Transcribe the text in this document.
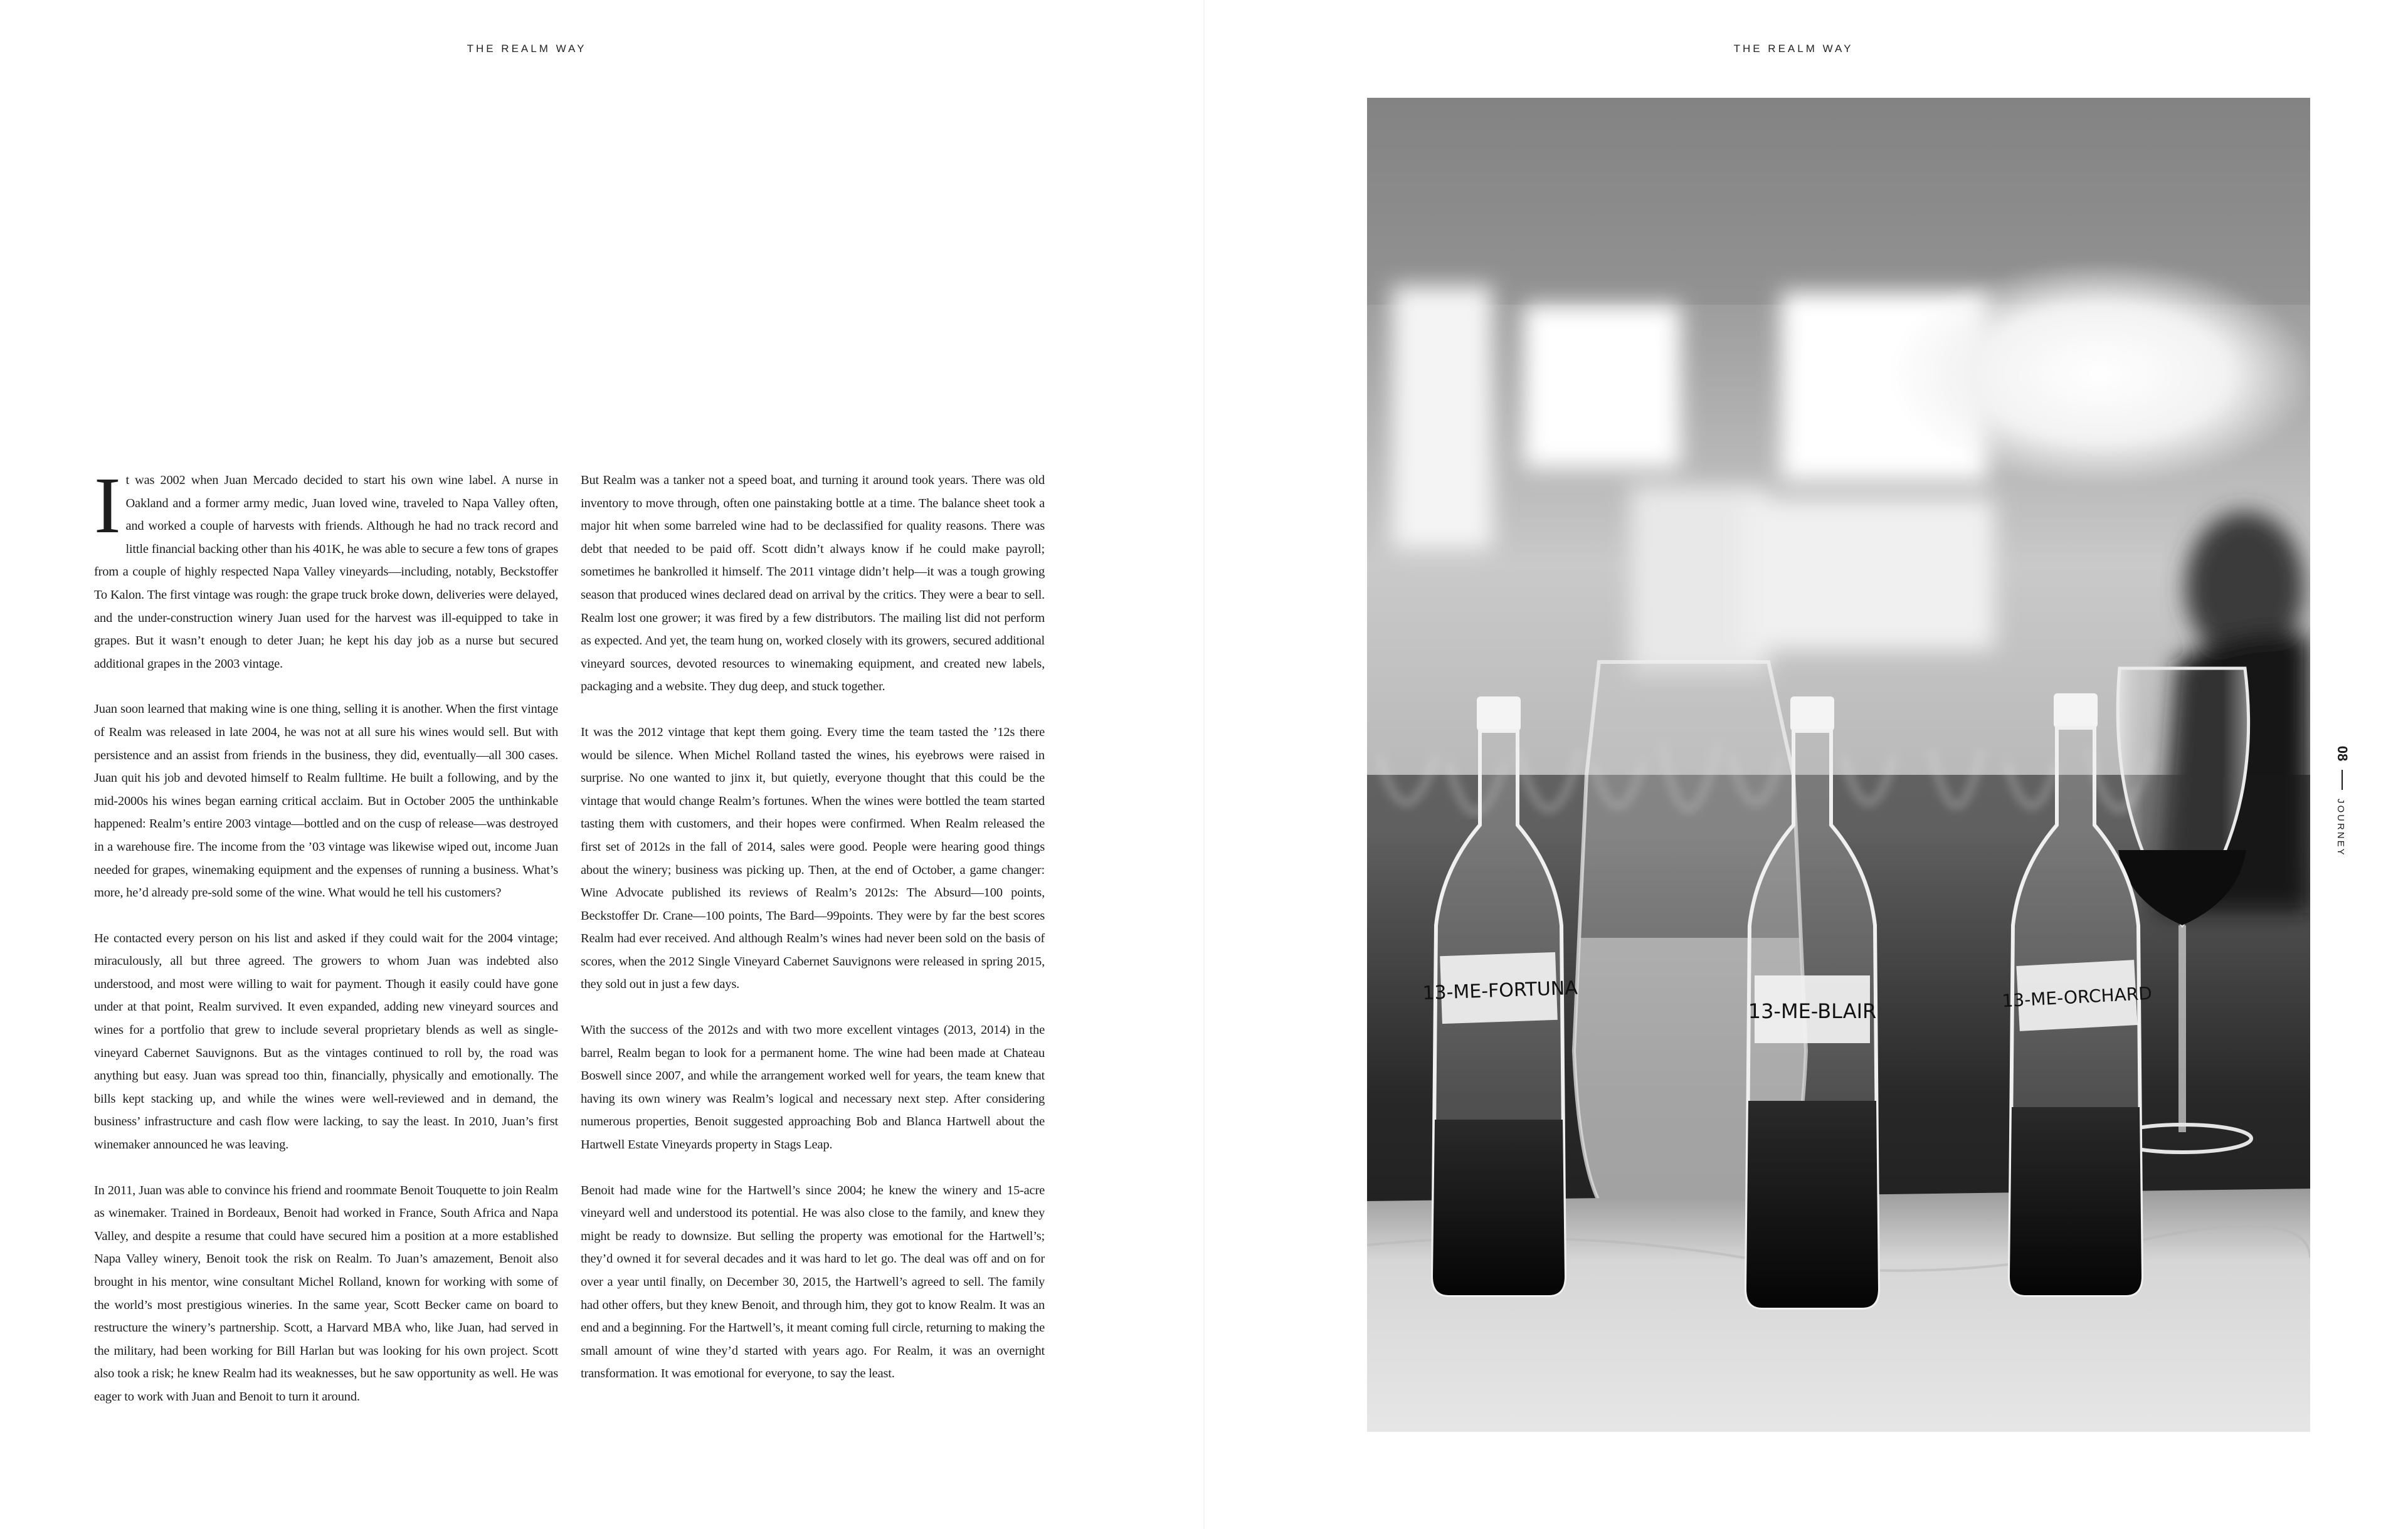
THE REALM WAY	THE REALM WAY

I t was 2002 when Juan Mercado decided to start his own wine label. A nurse in Oakland and a former army medic, Juan loved wine, traveled to Napa Valley often, and worked a couple of harvests with friends. Although he had no track record and little financial backing other than his 401K, he was able to secure a few tons of grapes from a couple of highly respected Napa Valley vineyards—including, notably, Beckstoffer To Kalon. The first vintage was rough: the grape truck broke down, deliveries were delayed, and the under-construction winery Juan used for the harvest was ill-equipped to take in grapes. But it wasn’t enough to deter Juan; he kept his day job as a nurse but secured additional grapes in the 2003 vintage.

Juan soon learned that making wine is one thing, selling it is another. When the first vintage of Realm was released in late 2004, he was not at all sure his wines would sell. But with persistence and an assist from friends in the business, they did, eventually—all 300 cases. Juan quit his job and devoted himself to Realm fulltime. He built a following, and by the mid-2000s his wines began earning critical acclaim. But in October 2005 the unthinkable happened: Realm’s entire 2003 vintage—bottled and on the cusp of release—was destroyed in a warehouse fire. The income from the ’03 vintage was likewise wiped out, income Juan needed for grapes, winemaking equipment and the expenses of running a business. What’s more, he’d already pre-sold some of the wine. What would he tell his customers?

He contacted every person on his list and asked if they could wait for the 2004 vintage; miraculously, all but three agreed. The growers to whom Juan was indebted also understood, and most were willing to wait for payment. Though it easily could have gone under at that point, Realm survived. It even expanded, adding new vineyard sources and wines for a portfolio that grew to include several proprietary blends as well as single-vineyard Cabernet Sauvignons. But as the vintages continued to roll by, the road was anything but easy. Juan was spread too thin, financially, physically and emotionally. The bills kept stacking up, and while the wines were well-reviewed and in demand, the business’ infrastructure and cash flow were lacking, to say the least. In 2010, Juan’s first winemaker announced he was leaving.

In 2011, Juan was able to convince his friend and roommate Benoit Touquette to join Realm as winemaker. Trained in Bordeaux, Benoit had worked in France, South Africa and Napa Valley, and despite a resume that could have secured him a position at a more established Napa Valley winery, Benoit took the risk on Realm. To Juan’s amazement, Benoit also brought in his mentor, wine consultant Michel Rolland, known for working with some of the world’s most prestigious wineries. In the same year, Scott Becker came on board to restructure the winery’s partnership. Scott, a Harvard MBA who, like Juan, had served in the military, had been working for Bill Harlan but was looking for his own project. Scott also took a risk; he knew Realm had its weaknesses, but he saw opportunity as well. He was eager to work with Juan and Benoit to turn it around.

But Realm was a tanker not a speed boat, and turning it around took years. There was old inventory to move through, often one painstaking bottle at a time. The balance sheet took a major hit when some barreled wine had to be declassified for quality reasons. There was debt that needed to be paid off. Scott didn’t always know if he could make payroll; sometimes he bankrolled it himself. The 2011 vintage didn’t help—it was a tough growing season that produced wines declared dead on arrival by the critics. They were a bear to sell. Realm lost one grower; it was fired by a few distributors. The mailing list did not perform as expected. And yet, the team hung on, worked closely with its growers, secured additional vineyard sources, devoted resources to winemaking equipment, and created new labels, packaging and a website. They dug deep, and stuck together.

It was the 2012 vintage that kept them going. Every time the team tasted the ’12s there would be silence. When Michel Rolland tasted the wines, his eyebrows were raised in surprise. No one wanted to jinx it, but quietly, everyone thought that this could be the vintage that would change Realm’s fortunes. When the wines were bottled the team started tasting them with customers, and their hopes were confirmed. When Realm released the first set of 2012s in the fall of 2014, sales were good. People were hearing good things about the winery; business was picking up. Then, at the end of October, a game changer: Wine Advocate published its reviews of Realm’s 2012s: The Absurd—100 points, Beckstoffer Dr. Crane—100 points, The Bard—99points. They were by far the best scores Realm had ever received. And although Realm’s wines had never been sold on the basis of scores, when the 2012 Single Vineyard Cabernet Sauvignons were released in spring 2015, they sold out in just a few days.

With the success of the 2012s and with two more excellent vintages (2013, 2014) in the barrel, Realm began to look for a permanent home. The wine had been made at Chateau Boswell since 2007, and while the arrangement worked well for years, the team knew that having its own winery was Realm’s logical and necessary next step. After considering numerous properties, Benoit suggested approaching Bob and Blanca Hartwell about the Hartwell Estate Vineyards property in Stags Leap.

Benoit had made wine for the Hartwell’s since 2004; he knew the winery and 15-acre vineyard well and understood its potential. He was also close to the family, and knew they might be ready to downsize. But selling the property was emotional for the Hartwell’s; they’d owned it for several decades and it was hard to let go. The deal was off and on for over a year until finally, on December 30, 2015, the Hartwell’s agreed to sell. The family had other offers, but they knew Benoit, and through him, they got to know Realm. It was an end and a beginning. For the Hartwell’s, it meant coming full circle, returning to making the small amount of wine they’d started with years ago. For Realm, it was an overnight transformation. It was emotional for everyone, to say the least.

13-ME-FORTUNA
13-ME-BLAIR	13-ME-ORCHARD
08
JOURNEY
